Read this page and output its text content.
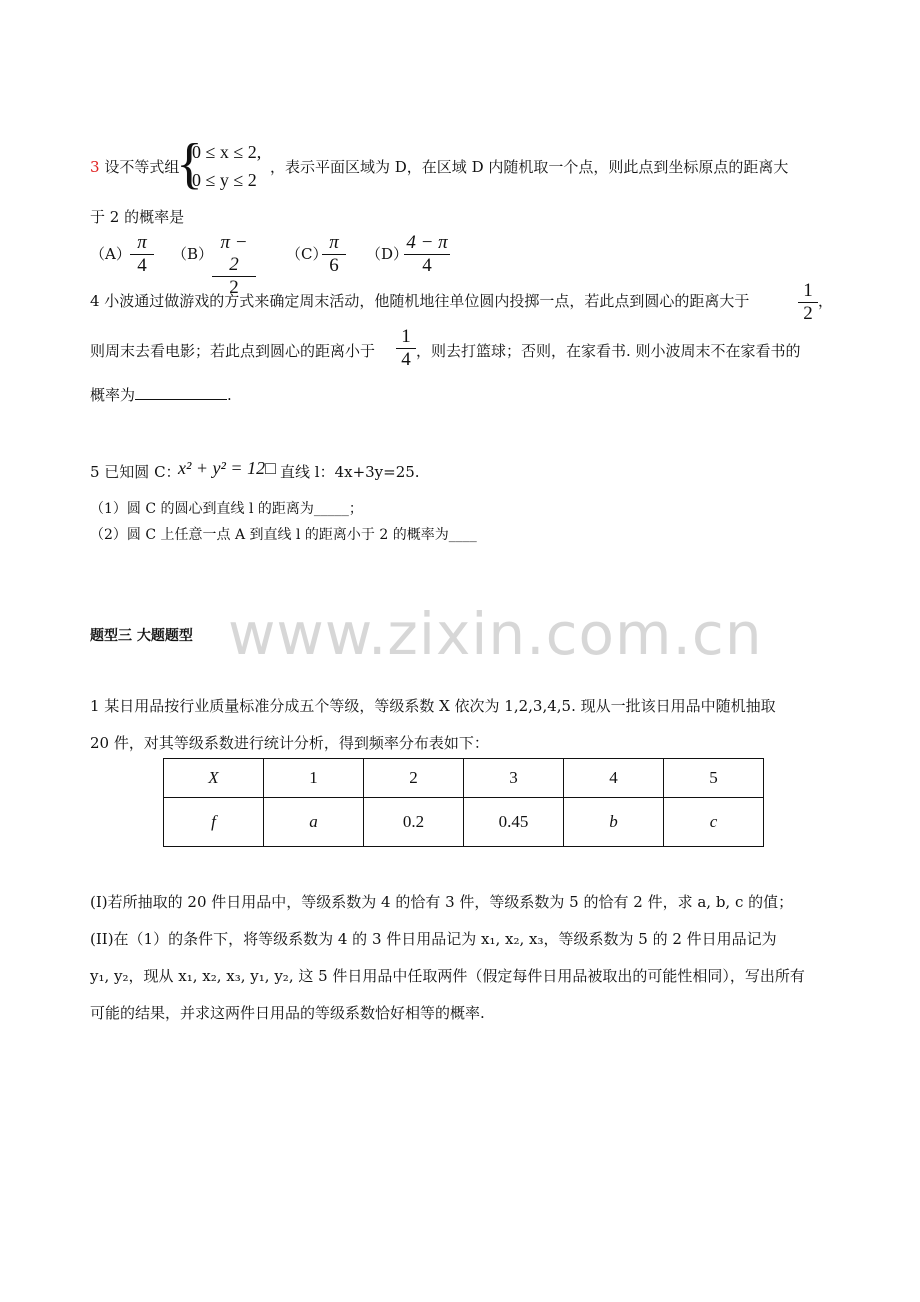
3 设不等式组
{
0 ≤ x ≤ 2,
0 ≤ y ≤ 2
，表示平面区域为 D，在区域 D 内随机取一个点，则此点到坐标原点的距离大
于 2 的概率是
$(A) \frac{\pi}{4} (B)$
$\frac{\pi - 2}{2} (C)$
$\frac{\pi}{6} (D)$
$\frac{4 - \pi}{4}$
4 小波通过做游戏的方式来确定周末活动，他随机地往单位圆内投掷一点，若此点到圆心的距离大于	$\frac{1}{2}$ ，
则周末去看电影；若此点到圆心的距离小于 $\frac{1}{4}$ ，则去打篮球；否则，在家看书. 则小波周末不在家看书的
概率为	.
5 已知圆 C：
x² + y² = 12□ 直线 l：4x+3y=25.
（1）圆 C 的圆心到直线 l 的距离为_____；
（2）圆 C 上任意一点 A 到直线 l 的距离小于 2 的概率为____
www.zixin.com.cn
题型三 大题题型
1 某日用品按行业质量标准分成五个等级，等级系数 X 依次为 1,2,3,4,5. 现从一批该日用品中随机抽取
20 件，对其等级系数进行统计分析，得到频率分布表如下：
X	1	2	3	4	5
f	a	0.2	0.45	b	c
(I)若所抽取的 20 件日用品中，等级系数为 4 的恰有 3 件，等级系数为 5 的恰有 2 件，求 a, b, c 的值；
(II)在（1）的条件下，将等级系数为 4 的 3 件日用品记为 x₁, x₂, x₃，等级系数为 5 的 2 件日用品记为
y₁, y₂，现从 x₁, x₂, x₃, y₁, y₂, 这 5 件日用品中任取两件（假定每件日用品被取出的可能性相同），写出所有
可能的结果，并求这两件日用品的等级系数恰好相等的概率.
